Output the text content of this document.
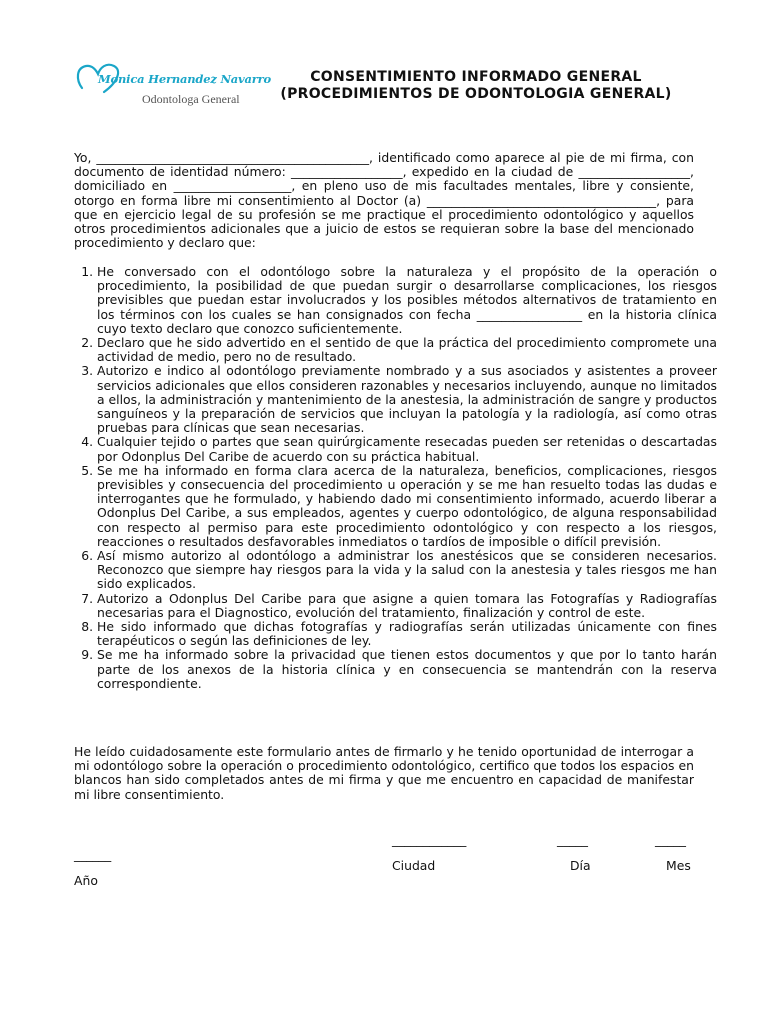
Monica Hernandez Navarro
Odontologa General
CONSENTIMIENTO INFORMADO GENERAL
(PROCEDIMIENTOS DE ODONTOLOGIA GENERAL)
Yo, ____________________________________________, identificado como aparece al pie de mi firma, con documento de identidad número: __________________, expedido en la ciudad de __________________, domiciliado en ___________________, en pleno uso de mis facultades mentales, libre y consiente, otorgo en forma libre mi consentimiento al Doctor (a) _____________________________________, para que en ejercicio legal de su profesión se me practique el procedimiento odontológico y aquellos otros procedimientos adicionales que a juicio de estos se requieran sobre la base del mencionado procedimiento y declaro que:
1. He conversado con el odontólogo sobre la naturaleza y el propósito de la operación o procedimiento, la posibilidad de que puedan surgir o desarrollarse complicaciones, los riesgos previsibles que puedan estar involucrados y los posibles métodos alternativos de tratamiento en los términos con los cuales se han consignados con fecha _________________ en la historia clínica cuyo texto declaro que conozco suficientemente.
2. Declaro que he sido advertido en el sentido de que la práctica del procedimiento compromete una actividad de medio, pero no de resultado.
3. Autorizo e indico al odontólogo previamente nombrado y a sus asociados y asistentes a proveer servicios adicionales que ellos consideren razonables y necesarios incluyendo, aunque no limitados a ellos, la administración y mantenimiento de la anestesia, la administración de sangre y productos sanguíneos y la preparación de servicios que incluyan la patología y la radiología, así como otras pruebas para clínicas que sean necesarias.
4. Cualquier tejido o partes que sean quirúrgicamente resecadas pueden ser retenidas o descartadas por Odonplus Del Caribe de acuerdo con su práctica habitual.
5. Se me ha informado en forma clara acerca de la naturaleza, beneficios, complicaciones, riesgos previsibles y consecuencia del procedimiento u operación y se me han resuelto todas las dudas e interrogantes que he formulado, y habiendo dado mi consentimiento informado, acuerdo liberar a Odonplus Del Caribe, a sus empleados, agentes y cuerpo odontológico, de alguna responsabilidad con respecto al permiso para este procedimiento odontológico y con respecto a los riesgos, reacciones o resultados desfavorables inmediatos o tardíos de imposible o difícil previsión.
6. Así mismo autorizo al odontólogo a administrar los anestésicos que se consideren necesarios. Reconozco que siempre hay riesgos para la vida y la salud con la anestesia y tales riesgos me han sido explicados.
7. Autorizo a Odonplus Del Caribe para que asigne a quien tomara las Fotografías y Radiografías necesarias para el Diagnostico, evolución del tratamiento, finalización y control de este.
8. He sido informado que dichas fotografías y radiografías serán utilizadas únicamente con fines terapéuticos o según las definiciones de ley.
9. Se me ha informado sobre la privacidad que tienen estos documentos y que por lo tanto harán parte de los anexos de la historia clínica y en consecuencia se mantendrán con la reserva correspondiente.
He leído cuidadosamente este formulario antes de firmarlo y he tenido oportunidad de interrogar a mi odontólogo sobre la operación o procedimiento odontológico, certifico que todos los espacios en blancos han sido completados antes de mi firma y que me encuentro en capacidad de manifestar mi libre consentimiento.
____________	_____	_____
______
Ciudad	Día	Mes
Año
